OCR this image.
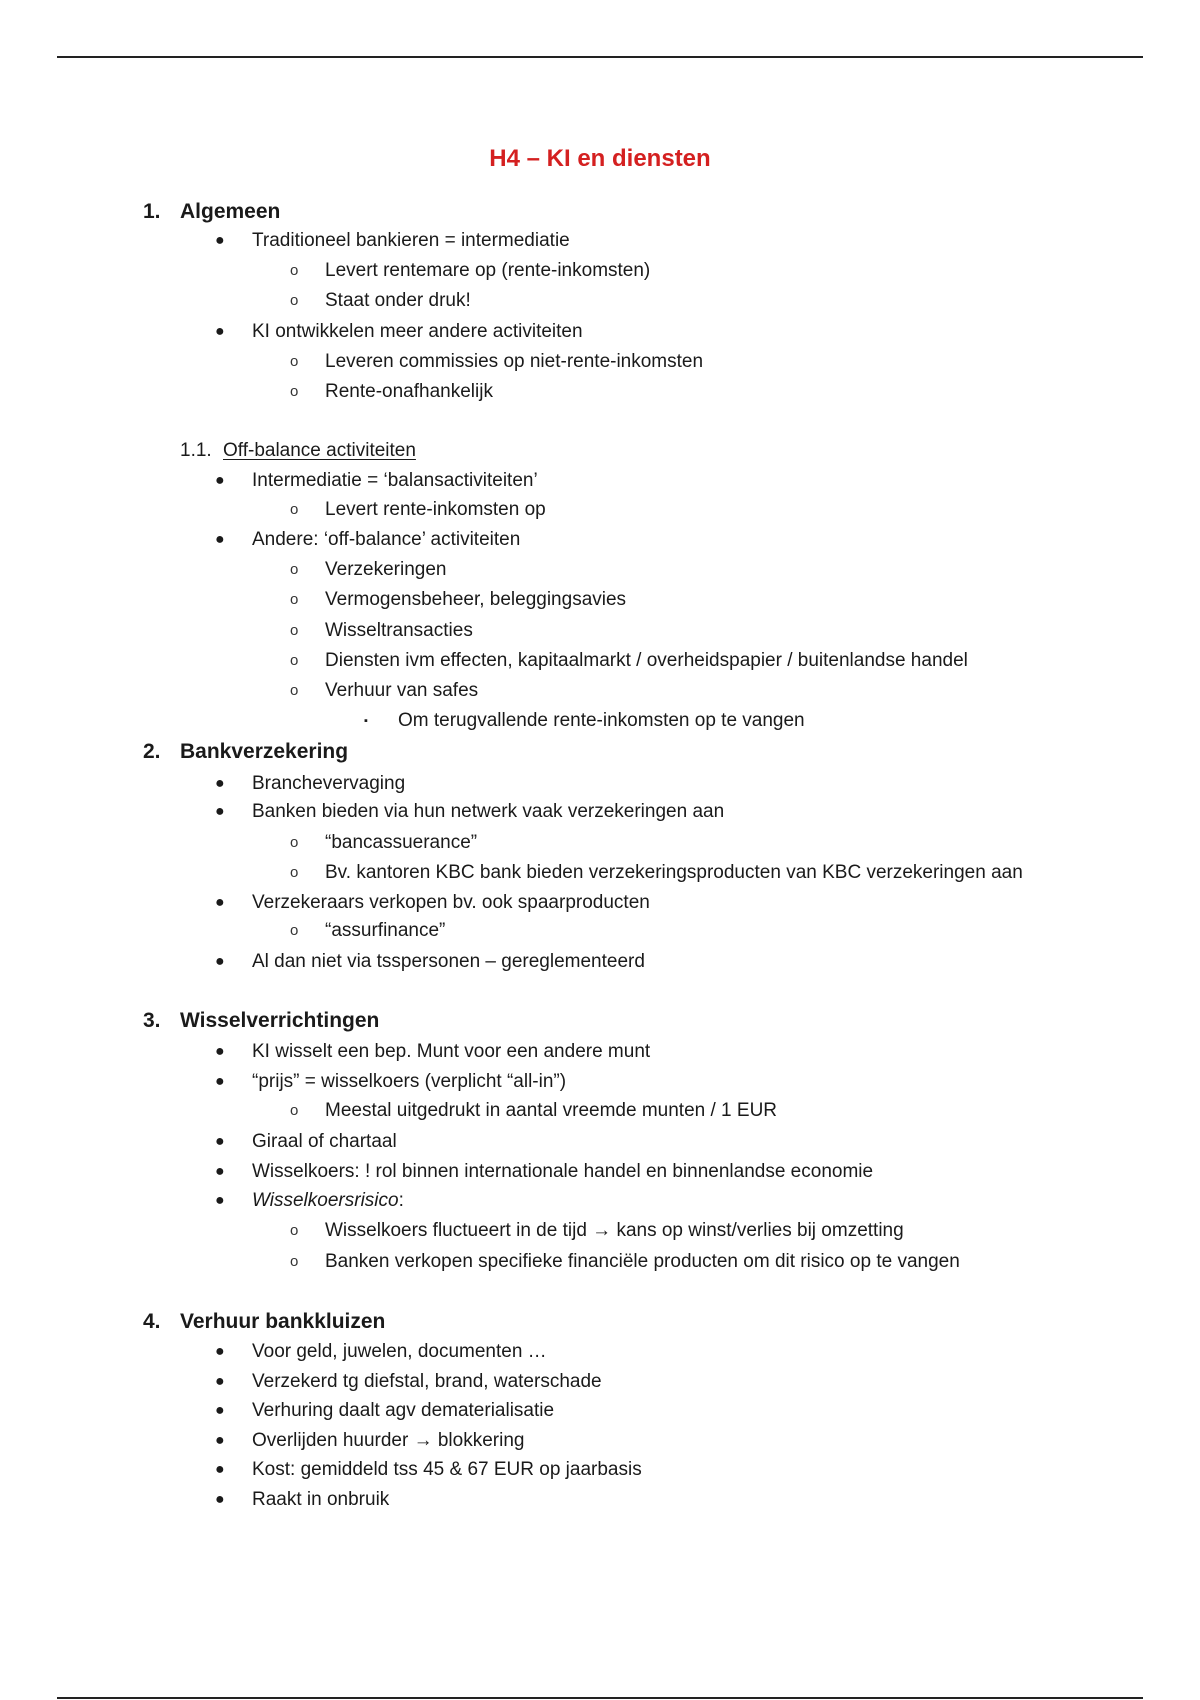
H4 – KI en diensten
1. Algemeen
● Traditioneel bankieren = intermediatie
o Levert rentemare op (rente-inkomsten)
o Staat onder druk!
● KI ontwikkelen meer andere activiteiten
o Leveren commissies op niet-rente-inkomsten
o Rente-onafhankelijk
1.1. Off-balance activiteiten
● Intermediatie = ‘balansactiviteiten’
o Levert rente-inkomsten op
● Andere: ‘off-balance’ activiteiten
o Verzekeringen
o Vermogensbeheer, beleggingsavies
o Wisseltransacties
o Diensten ivm effecten, kapitaalmarkt / overheidspapier / buitenlandse handel
o Verhuur van safes
▪ Om terugvallende rente-inkomsten op te vangen
2. Bankverzekering
● Branchevervaging
● Banken bieden via hun netwerk vaak verzekeringen aan
o “bancassuerance”
o Bv. kantoren KBC bank bieden verzekeringsproducten van KBC verzekeringen aan
● Verzekeraars verkopen bv. ook spaarproducten
o “assurfinance”
● Al dan niet via tsspersonen – gereglementeerd
3. Wisselverrichtingen
● KI wisselt een bep. Munt voor een andere munt
● “prijs” = wisselkoers (verplicht “all-in”)
o Meestal uitgedrukt in aantal vreemde munten / 1 EUR
● Giraal of chartaal
● Wisselkoers: ! rol binnen internationale handel en binnenlandse economie
● Wisselkoersrisico:
o Wisselkoers fluctueert in de tijd → kans op winst/verlies bij omzetting
o Banken verkopen specifieke financiële producten om dit risico op te vangen
4. Verhuur bankkluizen
● Voor geld, juwelen, documenten …
● Verzekerd tg diefstal, brand, waterschade
● Verhuring daalt agv dematerialisatie
● Overlijden huurder → blokkering
● Kost: gemiddeld tss 45 & 67 EUR op jaarbasis
● Raakt in onbruik
